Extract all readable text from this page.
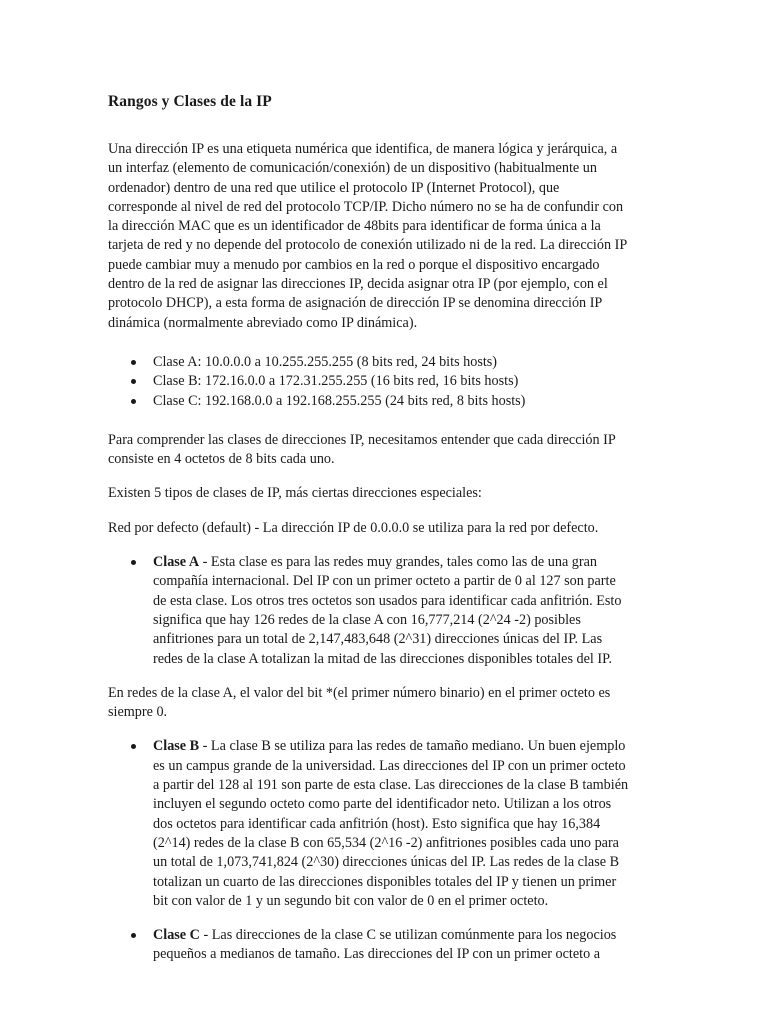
Rangos y Clases de la IP

Una dirección IP es una etiqueta numérica que identifica, de manera lógica y jerárquica, a un interfaz (elemento de comunicación/conexión) de un dispositivo (habitualmente un ordenador) dentro de una red que utilice el protocolo IP (Internet Protocol), que corresponde al nivel de red del protocolo TCP/IP. Dicho número no se ha de confundir con la dirección MAC que es un identificador de 48bits para identificar de forma única a la tarjeta de red y no depende del protocolo de conexión utilizado ni de la red. La dirección IP puede cambiar muy a menudo por cambios en la red o porque el dispositivo encargado dentro de la red de asignar las direcciones IP, decida asignar otra IP (por ejemplo, con el protocolo DHCP), a esta forma de asignación de dirección IP se denomina dirección IP dinámica (normalmente abreviado como IP dinámica).

Clase A: 10.0.0.0 a 10.255.255.255 (8 bits red, 24 bits hosts)
Clase B: 172.16.0.0 a 172.31.255.255 (16 bits red, 16 bits hosts)
Clase C: 192.168.0.0 a 192.168.255.255 (24 bits red, 8 bits hosts)

Para comprender las clases de direcciones IP, necesitamos entender que cada dirección IP consiste en 4 octetos de 8 bits cada uno.

Existen 5 tipos de clases de IP, más ciertas direcciones especiales:

Red por defecto (default) - La dirección IP de 0.0.0.0 se utiliza para la red por defecto.

Clase A - Esta clase es para las redes muy grandes, tales como las de una gran compañía internacional. Del IP con un primer octeto a partir de 0 al 127 son parte de esta clase. Los otros tres octetos son usados para identificar cada anfitrión. Esto significa que hay 126 redes de la clase A con 16,777,214 (2^24 -2) posibles anfitriones para un total de 2,147,483,648 (2^31) direcciones únicas del IP. Las redes de la clase A totalizan la mitad de las direcciones disponibles totales del IP.

En redes de la clase A, el valor del bit *(el primer número binario) en el primer octeto es siempre 0.

Clase B - La clase B se utiliza para las redes de tamaño mediano. Un buen ejemplo es un campus grande de la universidad. Las direcciones del IP con un primer octeto a partir del 128 al 191 son parte de esta clase. Las direcciones de la clase B también incluyen el segundo octeto como parte del identificador neto. Utilizan a los otros dos octetos para identificar cada anfitrión (host). Esto significa que hay 16,384 (2^14) redes de la clase B con 65,534 (2^16 -2) anfitriones posibles cada uno para un total de 1,073,741,824 (2^30) direcciones únicas del IP. Las redes de la clase B totalizan un cuarto de las direcciones disponibles totales del IP y tienen un primer bit con valor de 1 y un segundo bit con valor de 0 en el primer octeto.
Clase C - Las direcciones de la clase C se utilizan comúnmente para los negocios pequeños a medianos de tamaño. Las direcciones del IP con un primer octeto a
